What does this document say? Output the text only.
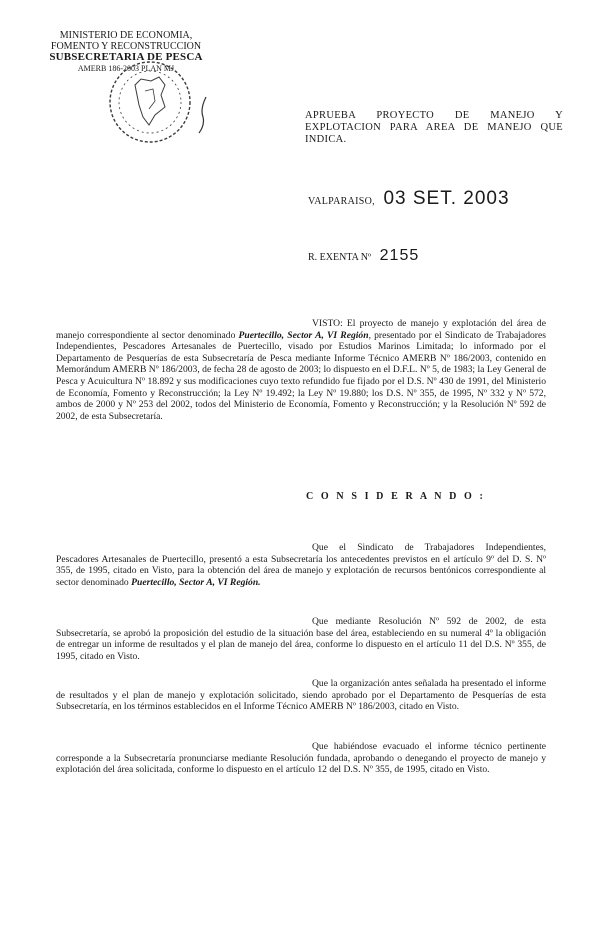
MINISTERIO DE ECONOMIA,
FOMENTO Y RECONSTRUCCION
SUBSECRETARIA DE PESCA
AMERB 186-2003 PLAN MJ
APRUEBA PROYECTO DE MANEJO Y EXPLOTACION PARA AREA DE MANEJO QUE INDICA.
VALPARAISO, 03 SET. 2003
R. EXENTA Nº 2155
VISTO: El proyecto de manejo y explotación del área de manejo correspondiente al sector denominado Puertecillo, Sector A, VI Región, presentado por el Sindicato de Trabajadores Independientes, Pescadores Artesanales de Puertecillo, visado por Estudios Marinos Limitada; lo informado por el Departamento de Pesquerías de esta Subsecretaría de Pesca mediante Informe Técnico AMERB Nº 186/2003, contenido en Memorándum AMERB Nº 186/2003, de fecha 28 de agosto de 2003; lo dispuesto en el D.F.L. Nº 5, de 1983; la Ley General de Pesca y Acuicultura Nº 18.892 y sus modificaciones cuyo texto refundido fue fijado por el D.S. Nº 430 de 1991, del Ministerio de Economía, Fomento y Reconstrucción; la Ley Nº 19.492; la Ley Nº 19.880; los D.S. Nº 355, de 1995, Nº 332 y Nº 572, ambos de 2000 y Nº 253 del 2002, todos del Ministerio de Economía, Fomento y Reconstrucción; y la Resolución Nº 592 de 2002, de esta Subsecretaría.
C O N S I D E R A N D O :
Que el Sindicato de Trabajadores Independientes, Pescadores Artesanales de Puertecillo, presentó a esta Subsecretaría los antecedentes previstos en el artículo 9º del D. S. Nº 355, de 1995, citado en Visto, para la obtención del área de manejo y explotación de recursos bentónicos correspondiente al sector denominado Puertecillo, Sector A, VI Región.
Que mediante Resolución Nº 592 de 2002, de esta Subsecretaría, se aprobó la proposición del estudio de la situación base del área, estableciendo en su numeral 4º la obligación de entregar un informe de resultados y el plan de manejo del área, conforme lo dispuesto en el artículo 11 del D.S. Nº 355, de 1995, citado en Visto.
Que la organización antes señalada ha presentado el informe de resultados y el plan de manejo y explotación solicitado, siendo aprobado por el Departamento de Pesquerías de esta Subsecretaría, en los términos establecidos en el Informe Técnico AMERB Nº 186/2003, citado en Visto.
Que habiéndose evacuado el informe técnico pertinente corresponde a la Subsecretaría pronunciarse mediante Resolución fundada, aprobando o denegando el proyecto de manejo y explotación del área solicitada, conforme lo dispuesto en el artículo 12 del D.S. Nº 355, de 1995, citado en Visto.
